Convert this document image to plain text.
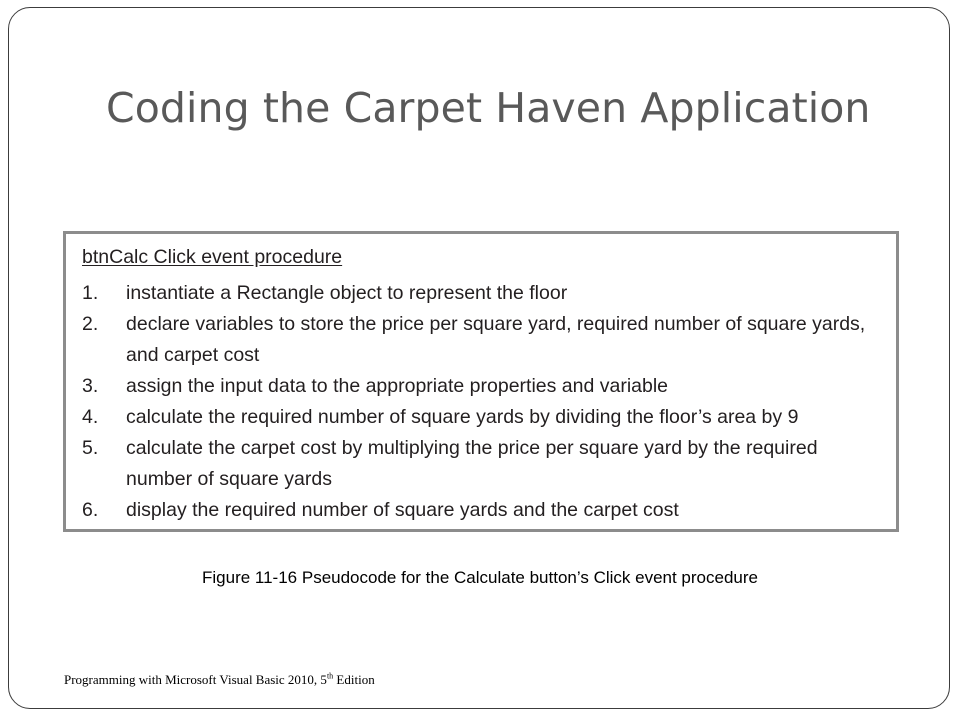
Coding the Carpet Haven Application
btnCalc Click event procedure
1. instantiate a Rectangle object to represent the floor
2. declare variables to store the price per square yard, required number of square yards, and carpet cost
3. assign the input data to the appropriate properties and variable
4. calculate the required number of square yards by dividing the floor’s area by 9
5. calculate the carpet cost by multiplying the price per square yard by the required number of square yards
6. display the required number of square yards and the carpet cost
Figure 11-16 Pseudocode for the Calculate button’s Click event procedure
Programming with Microsoft Visual Basic 2010, 5th Edition
